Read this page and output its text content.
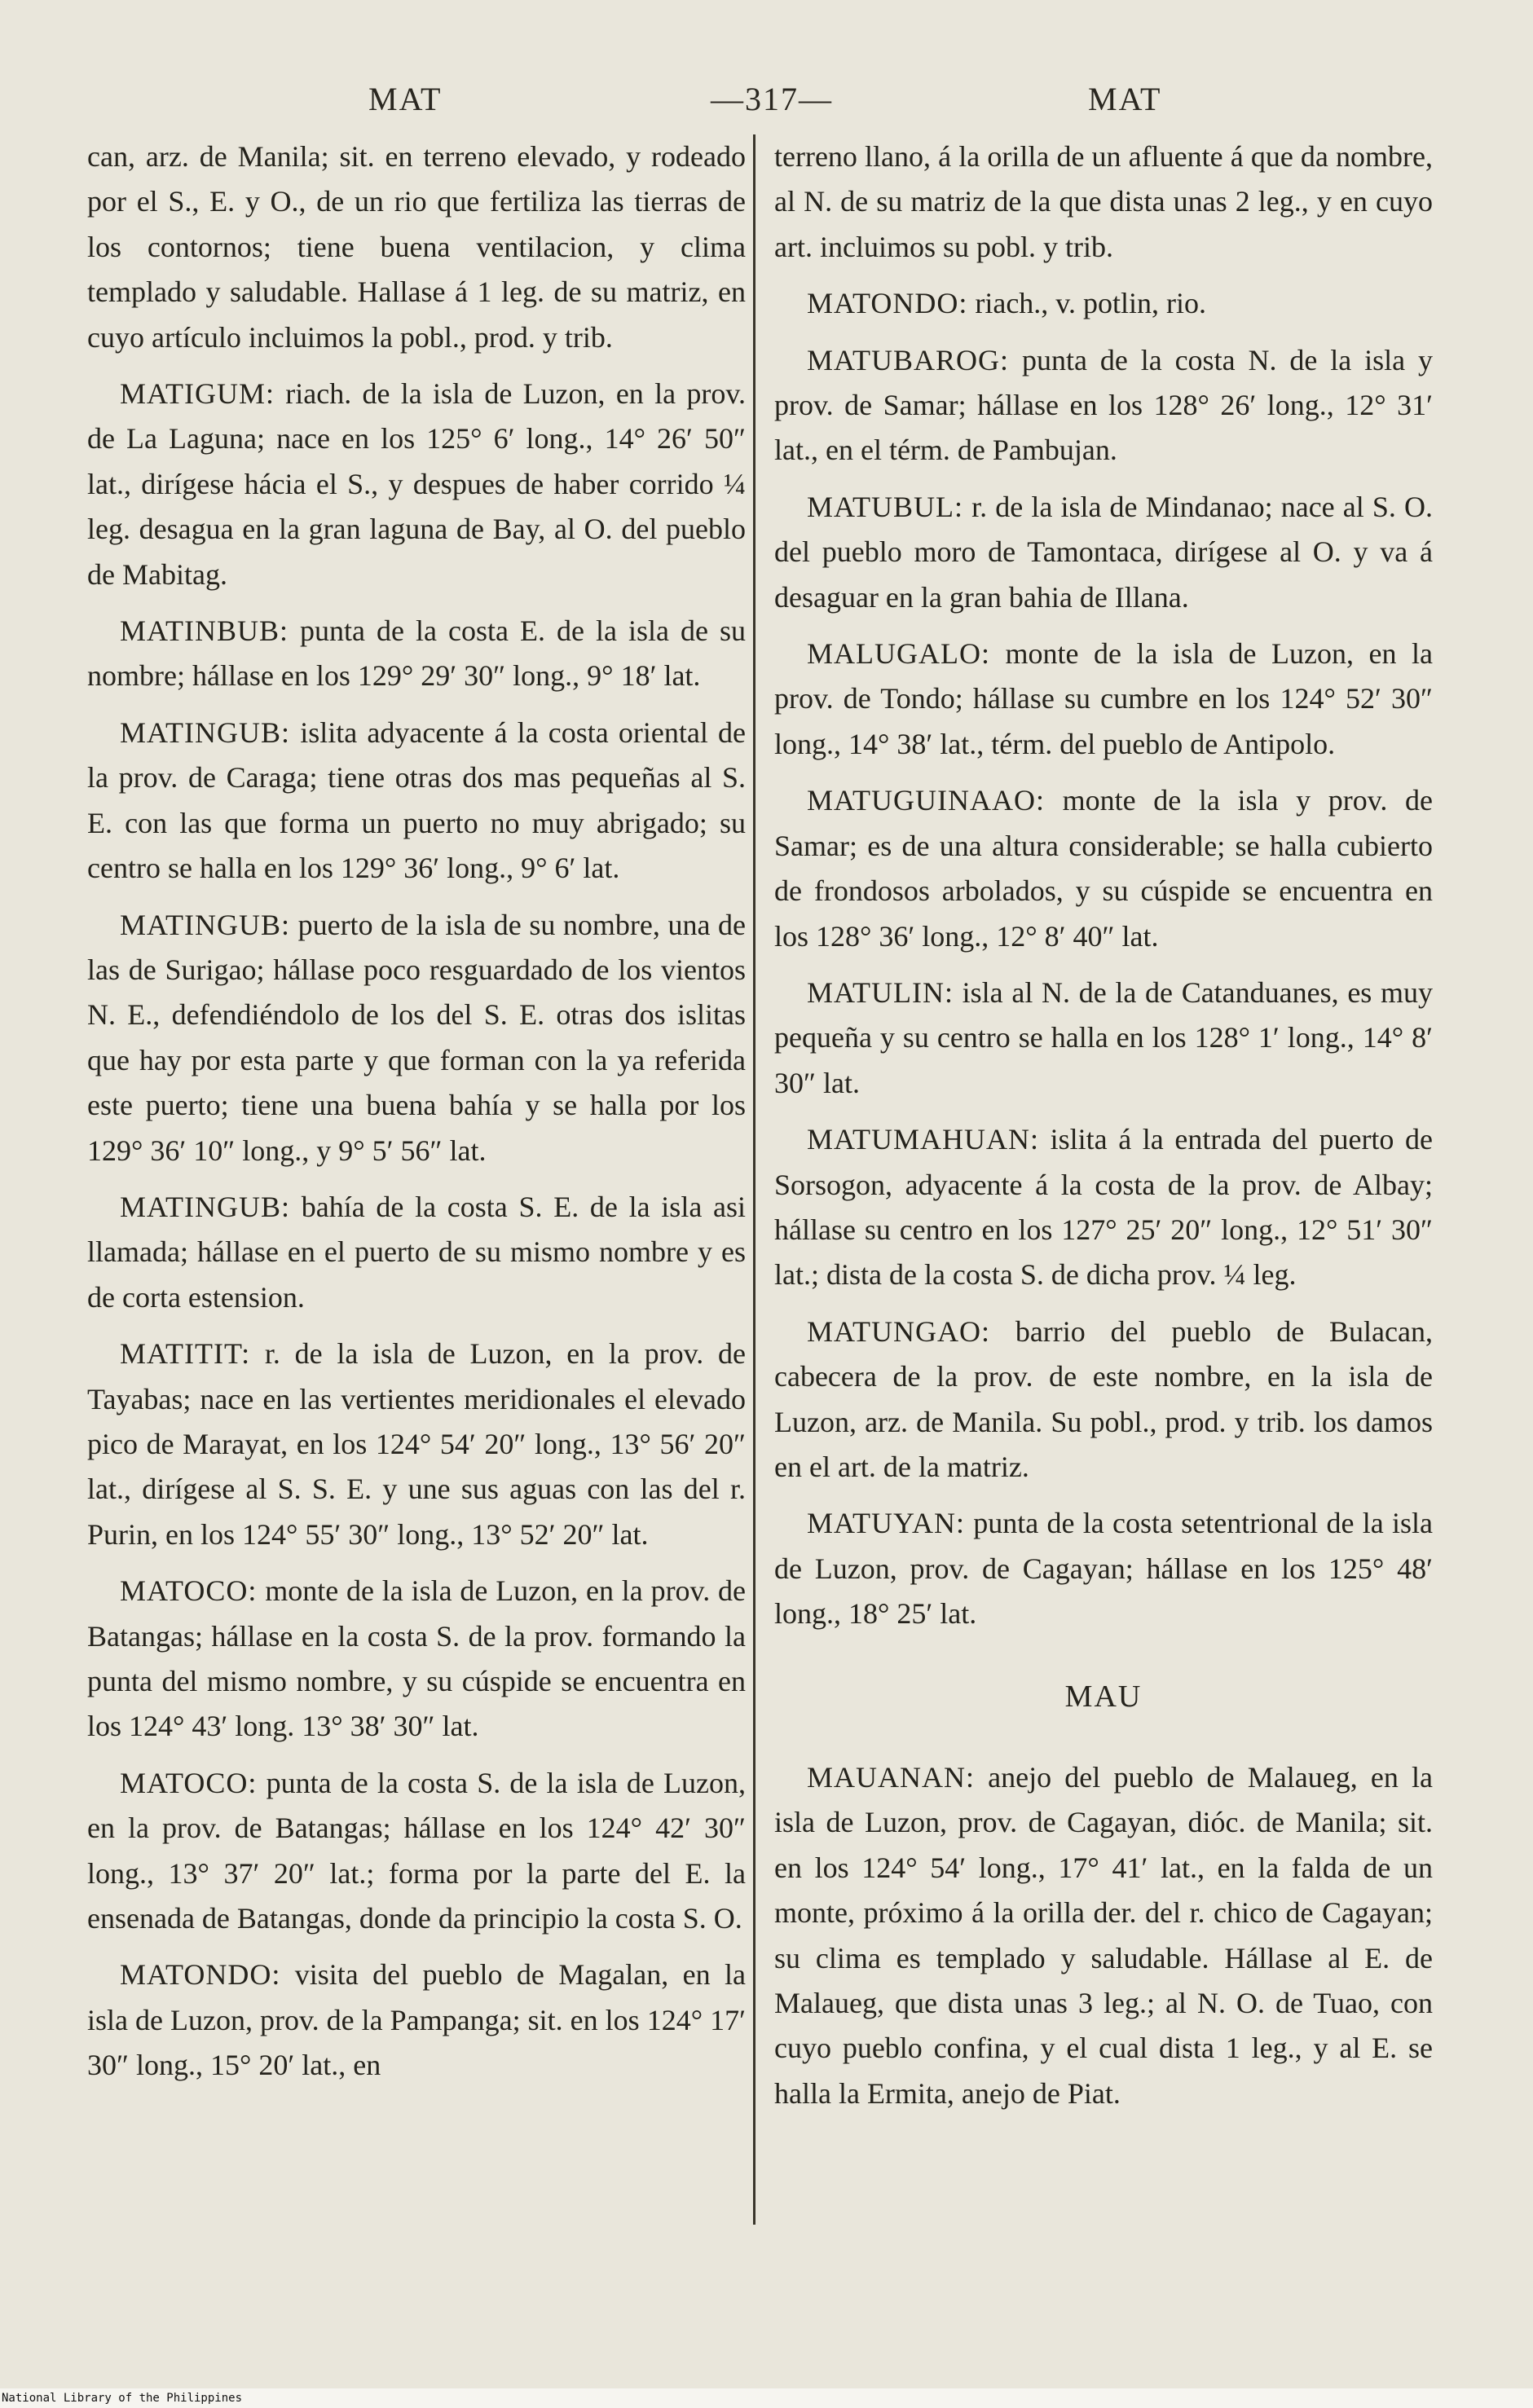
MAT	—317—	MAT

can, arz. de Manila; sit. en terreno elevado, y rodeado por el S., E. y O., de un rio que fertiliza las tierras de los contornos; tiene buena ventilacion, y clima templado y saludable. Hallase á 1 leg. de su matriz, en cuyo artículo incluimos la pobl., prod. y trib.

MATIGUM: riach. de la isla de Luzon, en la prov. de La Laguna; nace en los 125° 6′ long., 14° 26′ 50″ lat., dirígese hácia el S., y despues de haber corrido ¼ leg. desagua en la gran laguna de Bay, al O. del pueblo de Mabitag.

MATINBUB: punta de la costa E. de la isla de su nombre; hállase en los 129° 29′ 30″ long., 9° 18′ lat.

MATINGUB: islita adyacente á la costa oriental de la prov. de Caraga; tiene otras dos mas pequeñas al S. E. con las que forma un puerto no muy abrigado; su centro se halla en los 129° 36′ long., 9° 6′ lat.

MATINGUB: puerto de la isla de su nombre, una de las de Surigao; hállase poco resguardado de los vientos N. E., defendiéndolo de los del S. E. otras dos islitas que hay por esta parte y que forman con la ya referida este puerto; tiene una buena bahía y se halla por los 129° 36′ 10″ long., y 9° 5′ 56″ lat.

MATINGUB: bahía de la costa S. E. de la isla asi llamada; hállase en el puerto de su mismo nombre y es de corta estension.

MATITIT: r. de la isla de Luzon, en la prov. de Tayabas; nace en las vertientes meridionales el elevado pico de Marayat, en los 124° 54′ 20″ long., 13° 56′ 20″ lat., dirígese al S. S. E. y une sus aguas con las del r. Purin, en los 124° 55′ 30″ long., 13° 52′ 20″ lat.

MATOCO: monte de la isla de Luzon, en la prov. de Batangas; hállase en la costa S. de la prov. formando la punta del mismo nombre, y su cúspide se encuentra en los 124° 43′ long. 13° 38′ 30″ lat.

MATOCO: punta de la costa S. de la isla de Luzon, en la prov. de Batangas; hállase en los 124° 42′ 30″ long., 13° 37′ 20″ lat.; forma por la parte del E. la ensenada de Batangas, donde da principio la costa S. O.

MATONDO: visita del pueblo de Magalan, en la isla de Luzon, prov. de la Pampanga; sit. en los 124° 17′ 30″ long., 15° 20′ lat., en

terreno llano, á la orilla de un afluente á que da nombre, al N. de su matriz de la que dista unas 2 leg., y en cuyo art. incluimos su pobl. y trib.

MATONDO: riach., v. potlin, rio.

MATUBAROG: punta de la costa N. de la isla y prov. de Samar; hállase en los 128° 26′ long., 12° 31′ lat., en el térm. de Pambujan.

MATUBUL: r. de la isla de Mindanao; nace al S. O. del pueblo moro de Tamontaca, dirígese al O. y va á desaguar en la gran bahia de Illana.

MALUGALO: monte de la isla de Luzon, en la prov. de Tondo; hállase su cumbre en los 124° 52′ 30″ long., 14° 38′ lat., térm. del pueblo de Antipolo.

MATUGUINAAO: monte de la isla y prov. de Samar; es de una altura considerable; se halla cubierto de frondosos arbolados, y su cúspide se encuentra en los 128° 36′ long., 12° 8′ 40″ lat.

MATULIN: isla al N. de la de Catanduanes, es muy pequeña y su centro se halla en los 128° 1′ long., 14° 8′ 30″ lat.

MATUMAHUAN: islita á la entrada del puerto de Sorsogon, adyacente á la costa de la prov. de Albay; hállase su centro en los 127° 25′ 20″ long., 12° 51′ 30″ lat.; dista de la costa S. de dicha prov. ¼ leg.

MATUNGAO: barrio del pueblo de Bulacan, cabecera de la prov. de este nombre, en la isla de Luzon, arz. de Manila. Su pobl., prod. y trib. los damos en el art. de la matriz.

MATUYAN: punta de la costa setentrional de la isla de Luzon, prov. de Cagayan; hállase en los 125° 48′ long., 18° 25′ lat.

MAU

MAUANAN: anejo del pueblo de Malaueg, en la isla de Luzon, prov. de Cagayan, dióc. de Manila; sit. en los 124° 54′ long., 17° 41′ lat., en la falda de un monte, próximo á la orilla der. del r. chico de Cagayan; su clima es templado y saludable. Hállase al E. de Malaueg, que dista unas 3 leg.; al N. O. de Tuao, con cuyo pueblo confina, y el cual dista 1 leg., y al E. se halla la Ermita, anejo de Piat.

National Library of the Philippines
